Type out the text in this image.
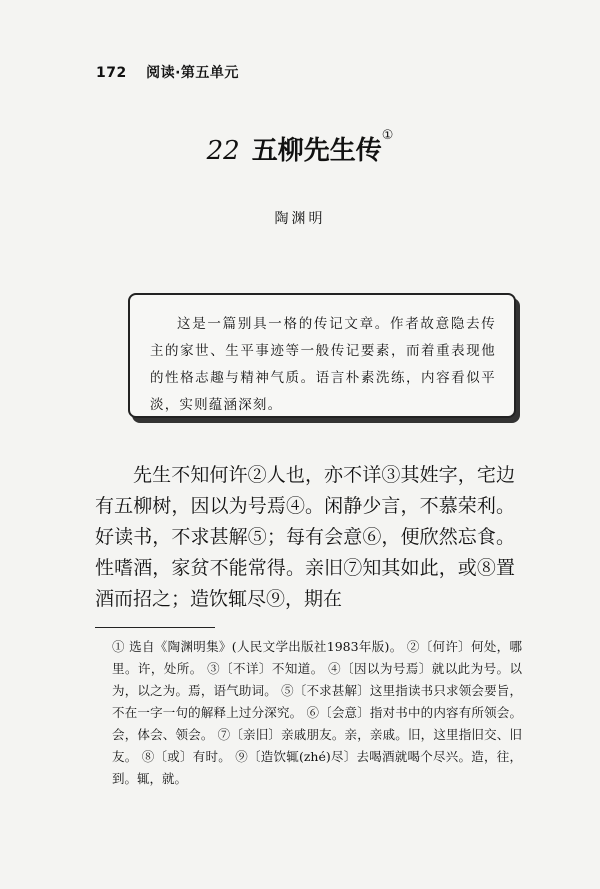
172 阅读·第五单元
22 五柳先生传①
陶渊明

这是一篇别具一格的传记文章。作者故意隐去传主的家世、生平事迹等一般传记要素，而着重表现他的性格志趣与精神气质。语言朴素洗练，内容看似平淡，实则蕴涵深刻。

先生不知何许②人也，亦不详③其姓字，宅边有五柳树，因以为号焉④。闲静少言，不慕荣利。好读书，不求甚解⑤；每有会意⑥，便欣然忘食。性嗜酒，家贫不能常得。亲旧⑦知其如此，或⑧置酒而招之；造饮辄尽⑨，期在

① 选自《陶渊明集》(人民文学出版社1983年版)。 ②〔何许〕何处，哪里。许，处所。 ③〔不详〕不知道。 ④〔因以为号焉〕就以此为号。以为，以之为。焉，语气助词。 ⑤〔不求甚解〕这里指读书只求领会要旨，不在一字一句的解释上过分深究。 ⑥〔会意〕指对书中的内容有所领会。会，体会、领会。 ⑦〔亲旧〕亲戚朋友。亲，亲戚。旧，这里指旧交、旧友。 ⑧〔或〕有时。 ⑨〔造饮辄(zhé)尽〕去喝酒就喝个尽兴。造，往，到。辄，就。
